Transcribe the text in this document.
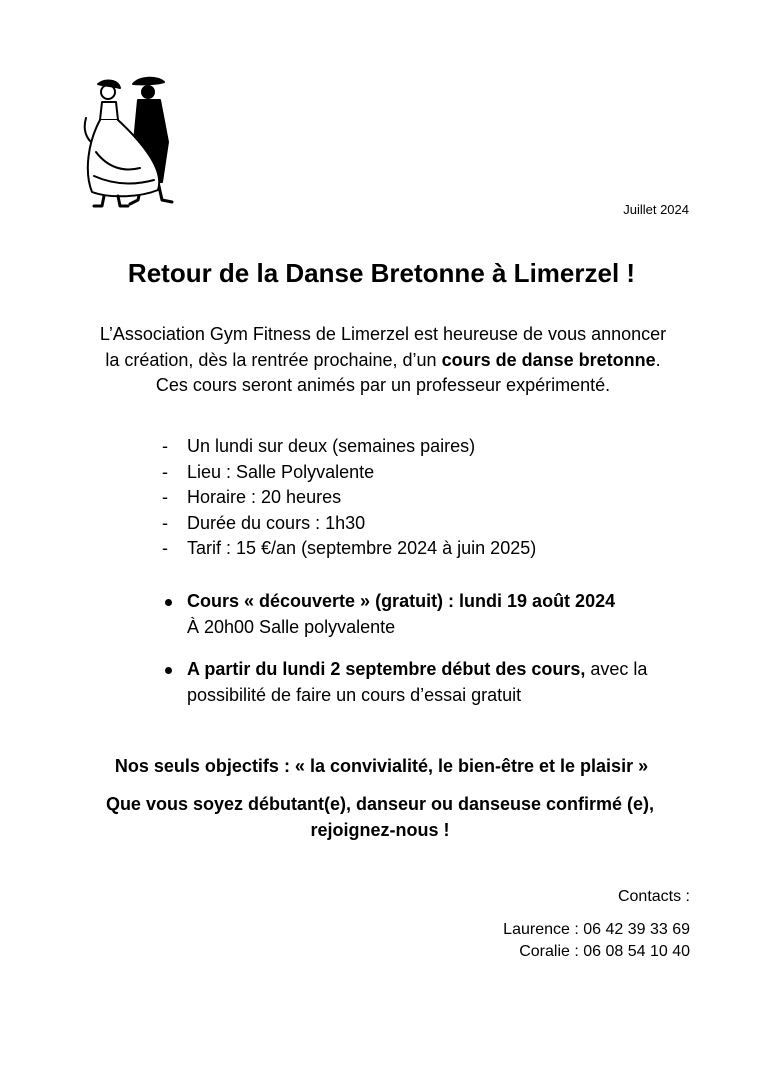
Juillet 2024
Retour de la Danse Bretonne à Limerzel !

L’Association Gym Fitness de Limerzel est heureuse de vous annoncer la création, dès la rentrée prochaine, d’un cours de danse bretonne. Ces cours seront animés par un professeur expérimenté.

- Un lundi sur deux (semaines paires)
- Lieu : Salle Polyvalente
- Horaire : 20 heures
- Durée du cours : 1h30
- Tarif : 15 €/an (septembre 2024 à juin 2025)
Cours « découverte » (gratuit) : lundi 19 août 2024
À 20h00 Salle polyvalente
A partir du lundi 2 septembre début des cours, avec la possibilité de faire un cours d’essai gratuit

Nos seuls objectifs : « la convivialité, le bien-être et le plaisir »

Que vous soyez débutant(e), danseur ou danseuse confirmé (e), rejoignez-nous !

Contacts :
Laurence : 06 42 39 33 69
Coralie : 06 08 54 10 40
